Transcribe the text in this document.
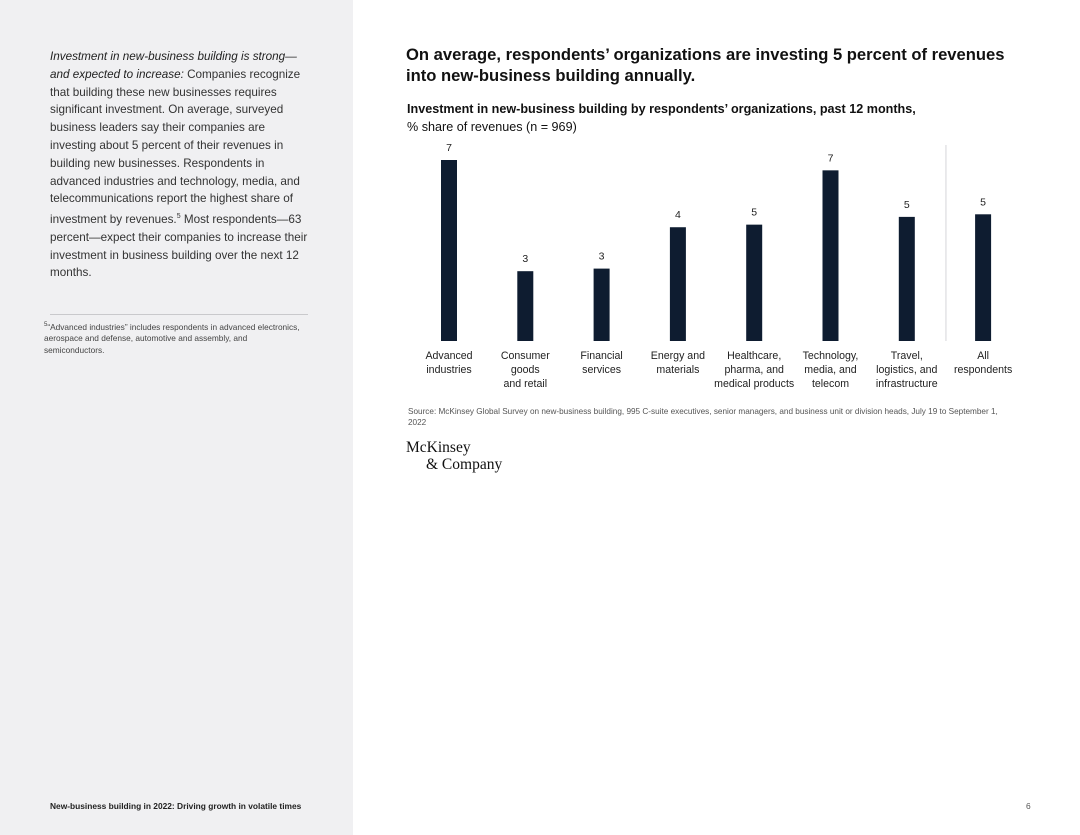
Investment in new-business building is strong—and expected to increase: Companies recognize that building these new businesses requires significant investment. On average, surveyed business leaders say their companies are investing about 5 percent of their revenues in building new businesses. Respondents in advanced industries and technology, media, and telecommunications report the highest share of investment by revenues.$^5$ Most respondents—63 percent—expect their companies to increase their investment in business building over the next 12 months.
$^5$“Advanced industries” includes respondents in advanced electronics, aerospace and defense, automotive and assembly, and semiconductors.
New-business building in 2022: Driving growth in volatile times
On average, respondents’ organizations are investing 5 percent of revenues into new-business building annually.
Investment in new-business building by respondents’ organizations, past 12 months,
% share of revenues (n = 969)
7
Advanced industries
3
Consumer goods and retail
3
Financial services
4
Energy and materials
5
Healthcare, pharma, and medical products
7
Technology, media, and telecom
5
Travel, logistics, and infrastructure
5
All respondents
Source: McKinsey Global Survey on new-business building, 995 C-suite executives, senior managers, and business unit or division heads, July 19 to September 1, 2022
McKinsey
& Company
6
